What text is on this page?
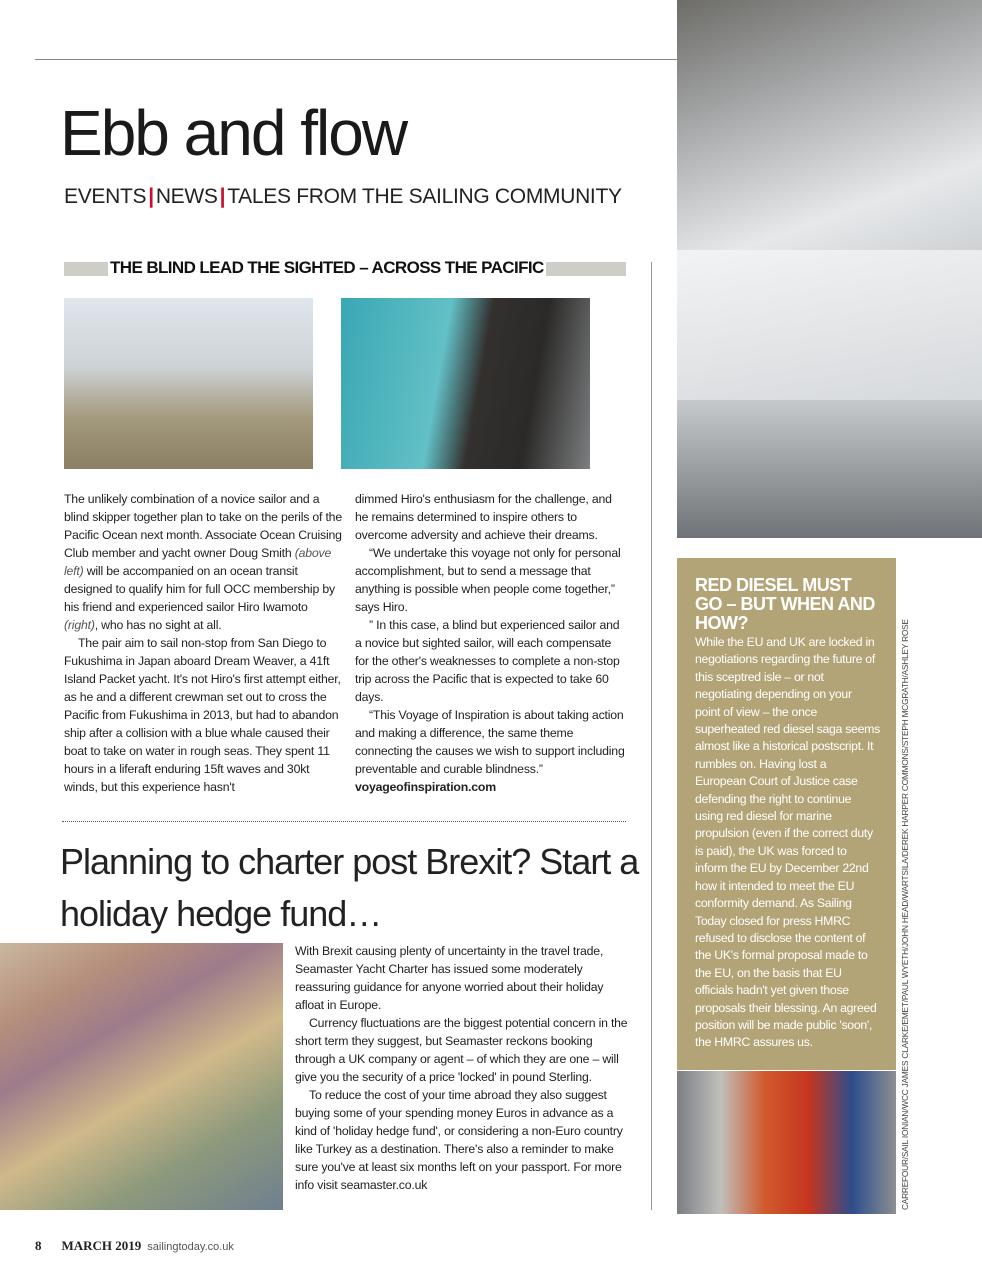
Ebb and flow
EVENTS|NEWS|TALES FROM THE SAILING COMMUNITY
THE BLIND LEAD THE SIGHTED – ACROSS THE PACIFIC

The unlikely combination of a novice sailor and a blind skipper together plan to take on the perils of the Pacific Ocean next month. Associate Ocean Cruising Club member and yacht owner Doug Smith (above left) will be accompanied on an ocean transit designed to qualify him for full OCC membership by his friend and experienced sailor Hiro Iwamoto (right), who has no sight at all.

The pair aim to sail non-stop from San Diego to Fukushima in Japan aboard Dream Weaver, a 41ft Island Packet yacht. It's not Hiro's first attempt either, as he and a different crewman set out to cross the Pacific from Fukushima in 2013, but had to abandon ship after a collision with a blue whale caused their boat to take on water in rough seas. They spent 11 hours in a liferaft enduring 15ft waves and 30kt winds, but this experience hasn't

dimmed Hiro's enthusiasm for the challenge, and he remains determined to inspire others to overcome adversity and achieve their dreams.

“We undertake this voyage not only for personal accomplishment, but to send a message that anything is possible when people come together,” says Hiro.

” In this case, a blind but experienced sailor and a novice but sighted sailor, will each compensate for the other's weaknesses to complete a non-stop trip across the Pacific that is expected to take 60 days.

“This Voyage of Inspiration is about taking action and making a difference, the same theme connecting the causes we wish to support including preventable and curable blindness.”

voyageofinspiration.com
Planning to charter post Brexit? Start a holiday hedge fund…

With Brexit causing plenty of uncertainty in the travel trade, Seamaster Yacht Charter has issued some moderately reassuring guidance for anyone worried about their holiday afloat in Europe.

Currency fluctuations are the biggest potential concern in the short term they suggest, but Seamaster reckons booking through a UK company or agent – of which they are one – will give you the security of a price 'locked' in pound Sterling.

To reduce the cost of your time abroad they also suggest buying some of your spending money Euros in advance as a kind of 'holiday hedge fund', or considering a non-Euro country like Turkey as a destination. There's also a reminder to make sure you've at least six months left on your passport. For more info visit seamaster.co.uk

RED DIESEL MUST GO – BUT WHEN AND HOW?

While the EU and UK are locked in negotiations regarding the future of this sceptred isle – or not negotiating depending on your point of view – the once superheated red diesel saga seems almost like a historical postscript. It rumbles on. Having lost a European Court of Justice case defending the right to continue using red diesel for marine propulsion (even if the correct duty is paid), the UK was forced to inform the EU by December 22nd how it intended to meet the EU conformity demand. As Sailing Today closed for press HMRC refused to disclose the content of the UK's formal proposal made to the EU, on the basis that EU officials hadn't yet given those proposals their blessing. An agreed position will be made public 'soon', the HMRC assures us.	CARREFOUR/SAIL IONIAN/WCC JAMES CLARKE/EMET/PAUL WYETH/JOHN HEAD/WARTSILA/DEREK HARPER COMMONS/STEPH MCGRATH/ASHLEY ROSE
8 MARCH 2019 sailingtoday.co.uk
